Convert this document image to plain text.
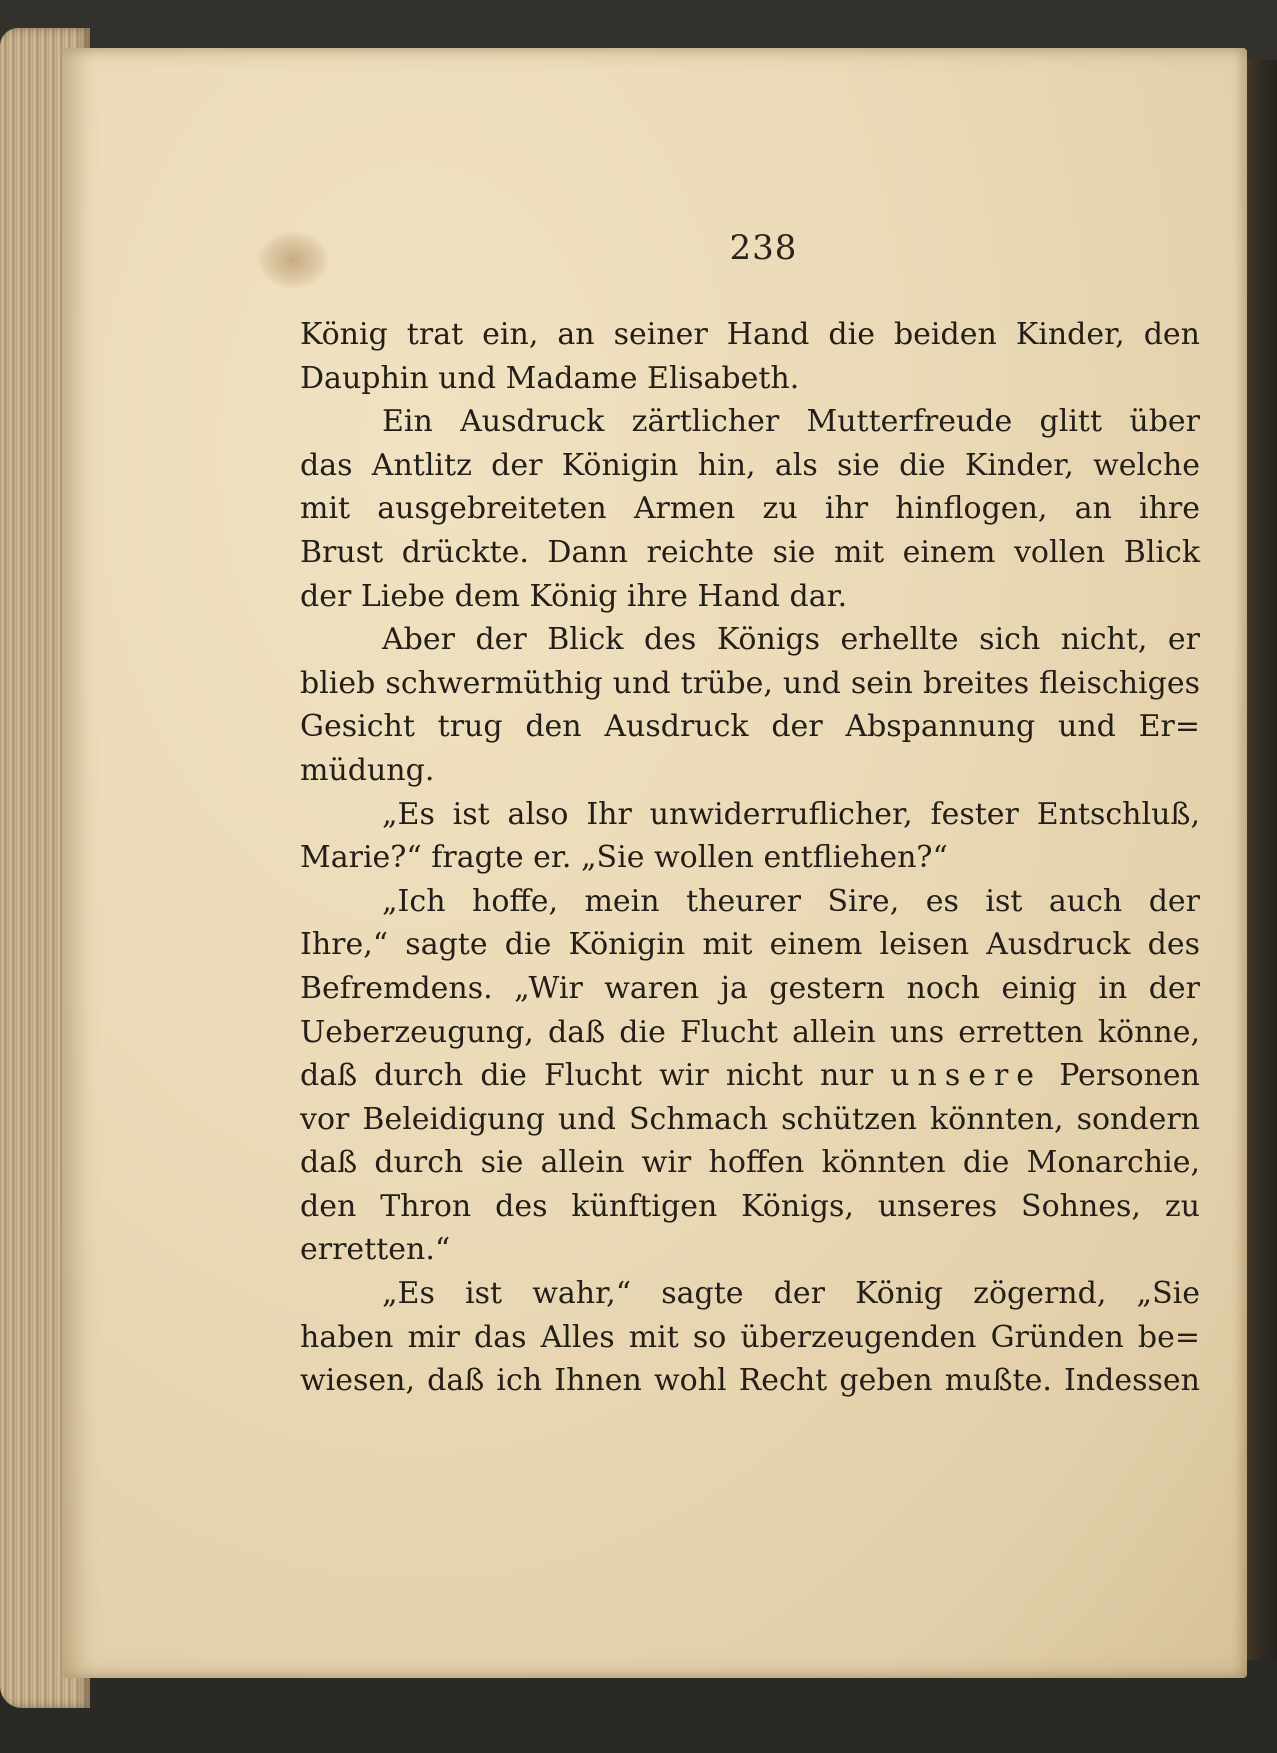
238
König trat ein, an seiner Hand die beiden Kinder, den
Dauphin und Madame Elisabeth.
Ein Ausdruck zärtlicher Mutterfreude glitt über
das Antlitz der Königin hin, als sie die Kinder, welche
mit ausgebreiteten Armen zu ihr hinflogen, an ihre
Brust drückte. Dann reichte sie mit einem vollen Blick
der Liebe dem König ihre Hand dar.
Aber der Blick des Königs erhellte sich nicht, er
blieb schwermüthig und trübe, und sein breites fleischiges
Gesicht trug den Ausdruck der Abspannung und Er=
müdung.
„Es ist also Ihr unwiderruflicher, fester Entschluß,
Marie?“ fragte er. „Sie wollen entfliehen?“
„Ich hoffe, mein theurer Sire, es ist auch der
Ihre,“ sagte die Königin mit einem leisen Ausdruck des
Befremdens. „Wir waren ja gestern noch einig in der
Ueberzeugung, daß die Flucht allein uns erretten könne,
daß durch die Flucht wir nicht nur unsere Personen
vor Beleidigung und Schmach schützen könnten, sondern
daß durch sie allein wir hoffen könnten die Monarchie,
den Thron des künftigen Königs, unseres Sohnes, zu
erretten.“
„Es ist wahr,“ sagte der König zögernd, „Sie
haben mir das Alles mit so überzeugenden Gründen be=
wiesen, daß ich Ihnen wohl Recht geben mußte. Indessen
